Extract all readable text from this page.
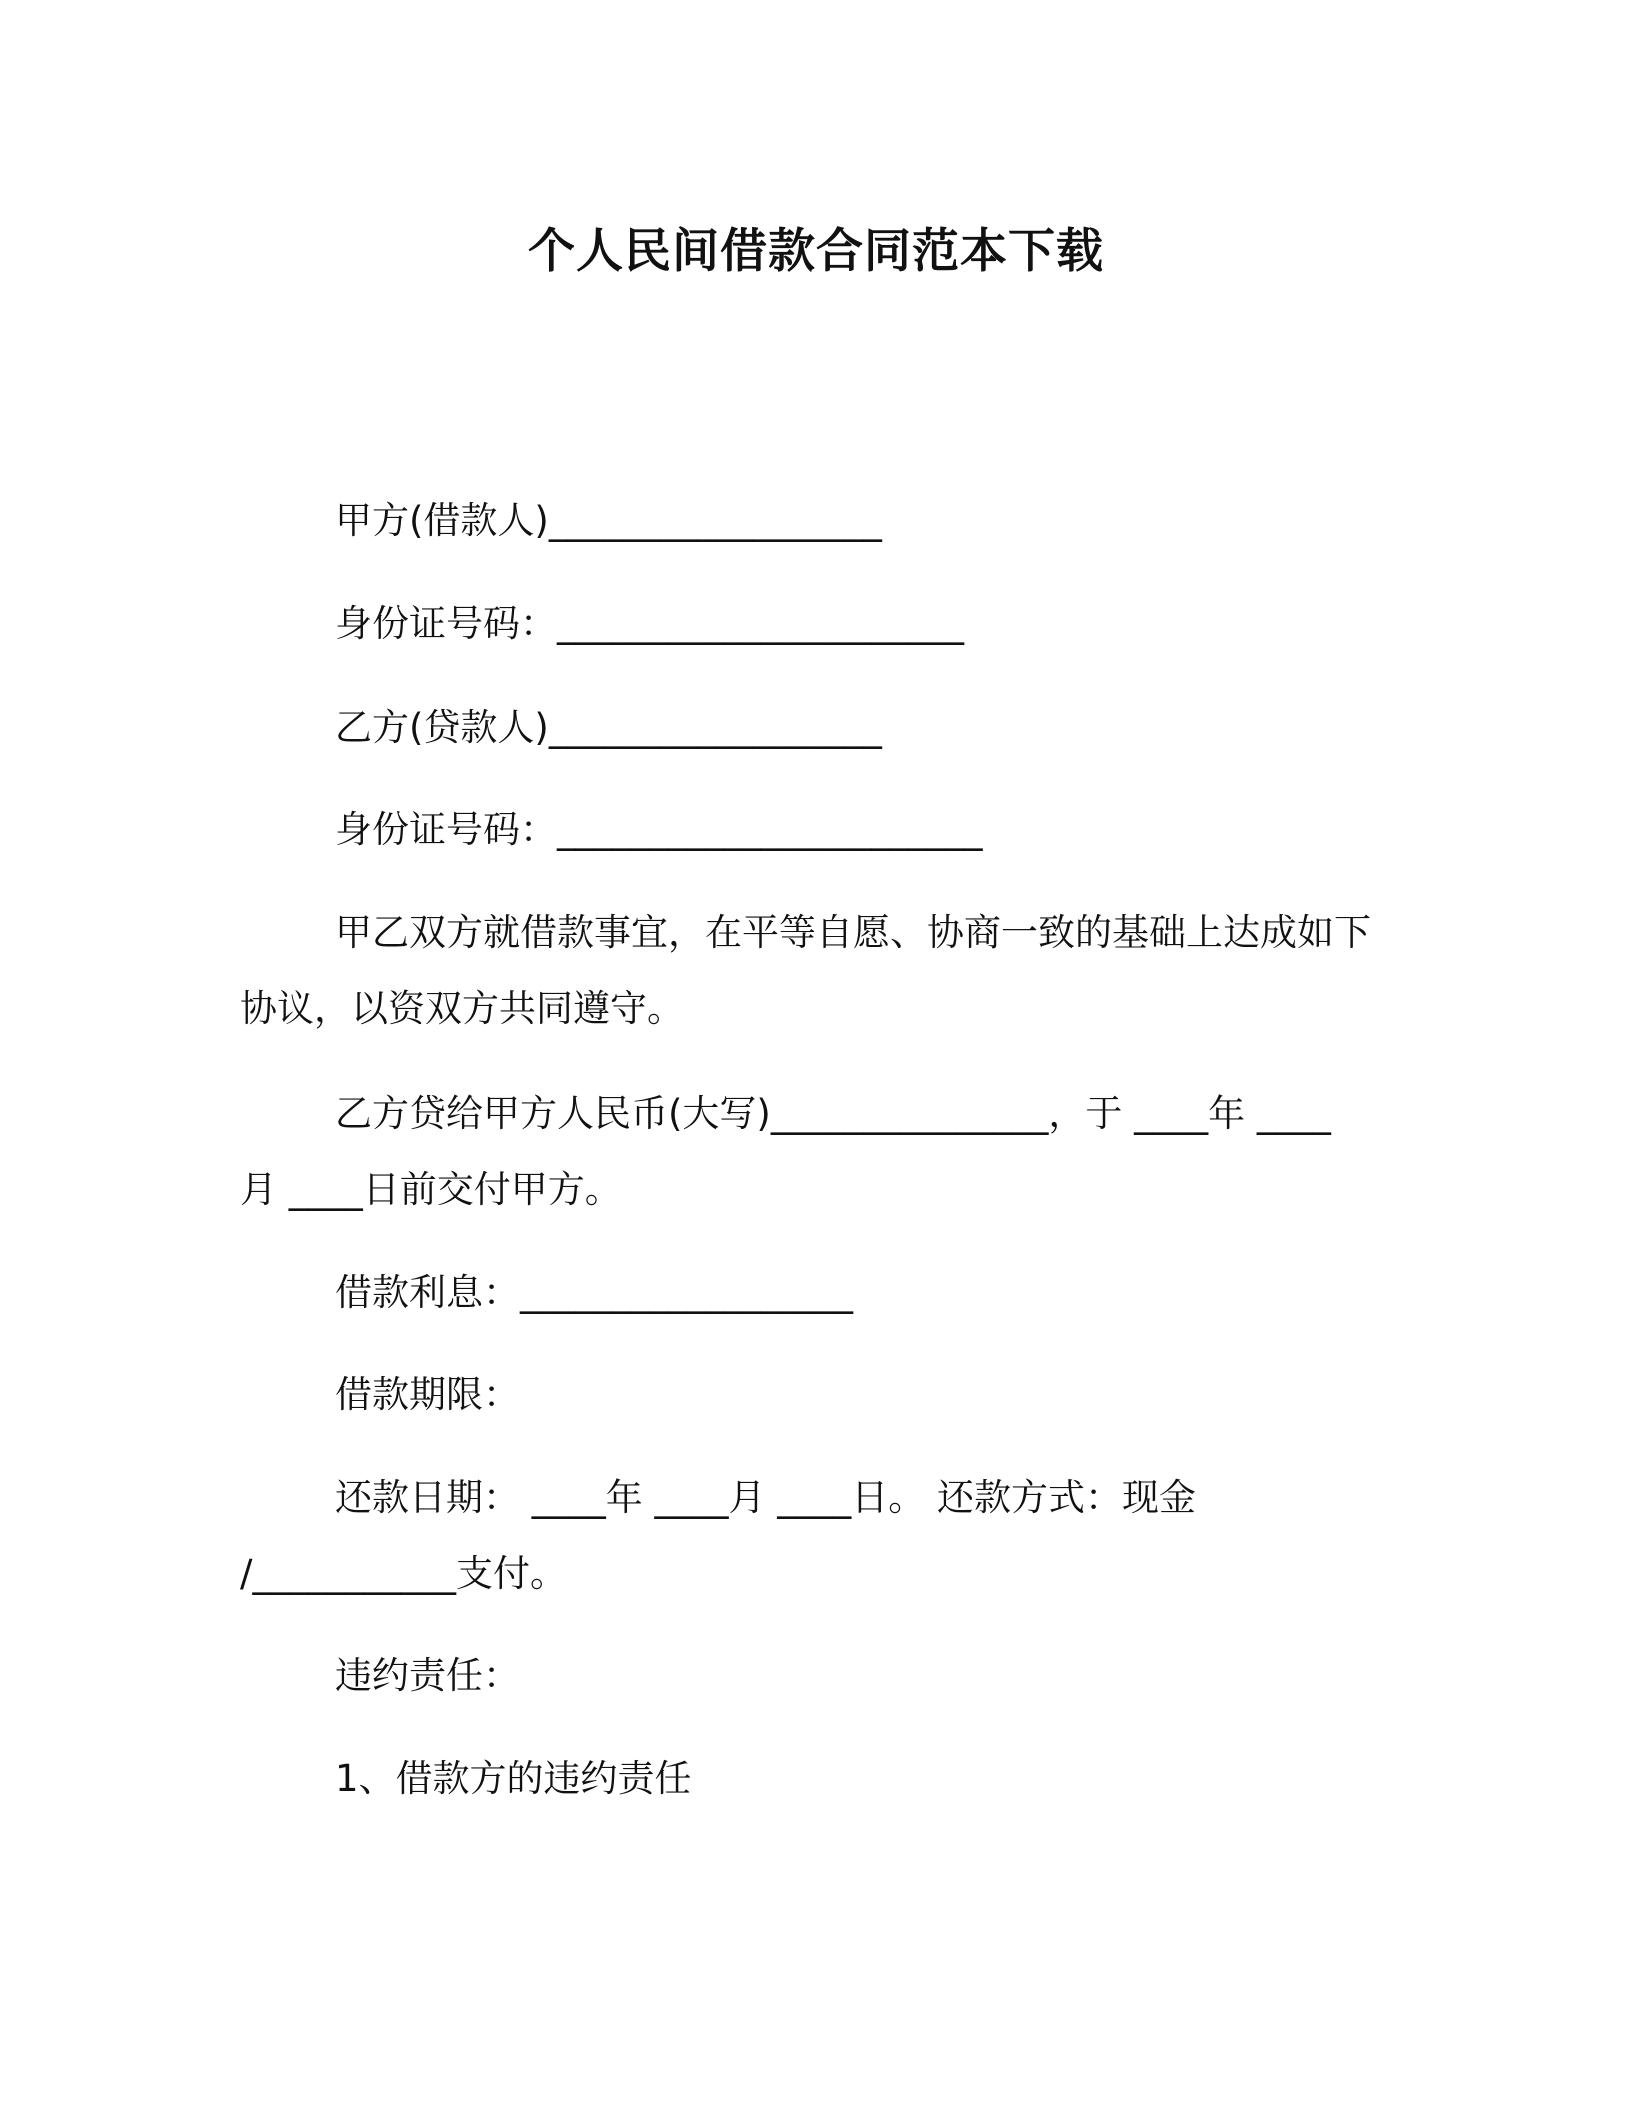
个人民间借款合同范本下载
甲方(借款人)__________________
身份证号码：______________________
乙方(贷款人)__________________
身份证号码：_______________________
甲乙双方就借款事宜，在平等自愿、协商一致的基础上达成如下
协议，以资双方共同遵守。
乙方贷给甲方人民币(大写)_______________，于 ____年 ____
月 ____日前交付甲方。
借款利息：__________________
借款期限：
还款日期： ____年 ____月 ____日。 还款方式：现金
/___________支付。
违约责任：
1、借款方的违约责任
